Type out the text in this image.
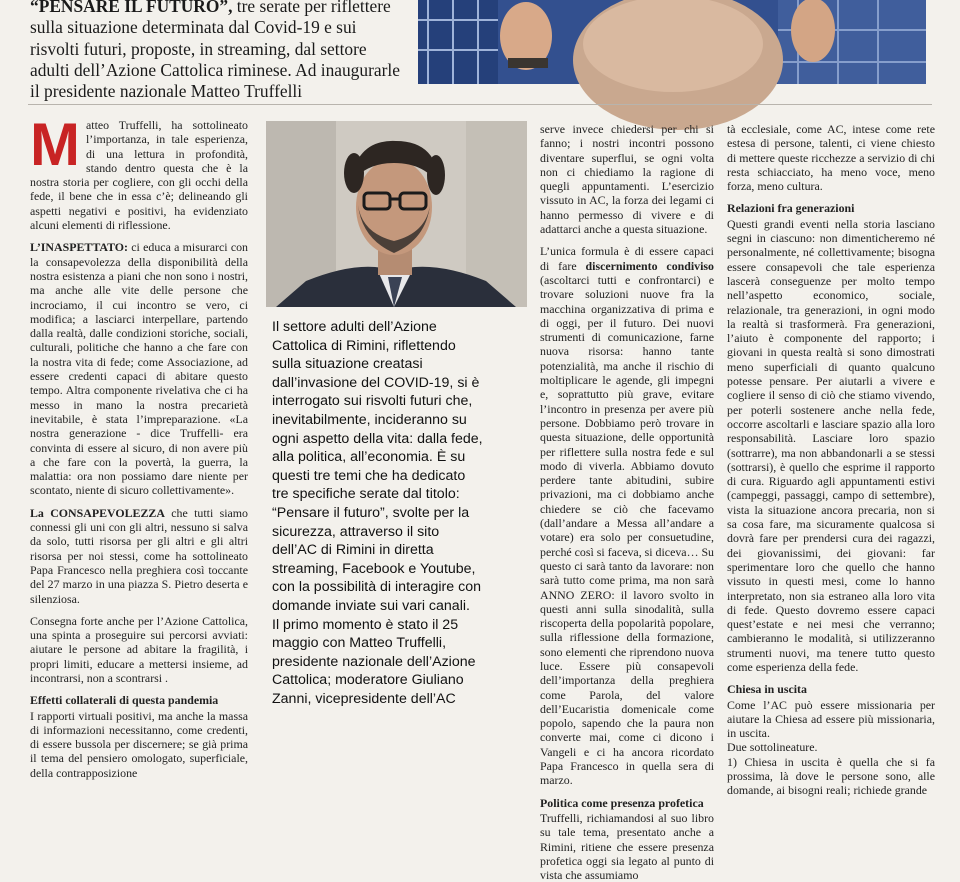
“PENSARE IL FUTURO”, tre serate per riflettere sulla situazione determinata dal Covid-19 e sui risvolti futuri, proposte, in streaming, dal settore adulti dell’Azione Cattolica riminese. Ad inaugurarle il presidente nazionale Matteo Truffelli

Matteo Truffelli, ha sottolineato l’importanza, in tale esperienza, di una lettura in profondità, stando dentro questa che è la nostra storia per cogliere, con gli occhi della fede, il bene che in essa c’è; delineando gli aspetti negativi e positivi, ha evidenziato alcuni elementi di riflessione.

L’INASPETTATO: ci educa a misurarci con la consapevolezza della disponibilità della nostra esistenza a piani che non sono i nostri, ma anche alle vite delle persone che incrociamo, il cui incontro se vero, ci modifica; a lasciarci interpellare, partendo dalla realtà, dalle condizioni storiche, sociali, culturali, politiche che hanno a che fare con la nostra vita di fede; come Associazione, ad essere credenti capaci di abitare questo tempo. Altra componente rivelativa che ci ha messo in mano la nostra precarietà inevitabile, è stata l’impreparazione. «La nostra generazione - dice Truffelli- era convinta di essere al sicuro, di non avere più a che fare con la povertà, la guerra, la malattia: ora non possiamo dare niente per scontato, niente di sicuro collettivamente».

La CONSAPEVOLEZZA che tutti siamo connessi gli uni con gli altri, nessuno si salva da solo, tutti risorsa per gli altri e gli altri risorsa per noi stessi, come ha sottolineato Papa Francesco nella preghiera così toccante del 27 marzo in una piazza S. Pietro deserta e silenziosa.

Consegna forte anche per l’Azione Cattolica, una spinta a proseguire sui percorsi avviati: aiutare le persone ad abitare la fragilità, i propri limiti, educare a mettersi insieme, ad incontrarsi, non a scontrarsi .

Effetti collaterali di questa pandemia

I rapporti virtuali positivi, ma anche la massa di informazioni necessitanno, come credenti, di essere bussola per discernere; se già prima il tema del pensiero omologato, superficiale, della contrapposizione

Il settore adulti dell’Azione Cattolica di Rimini, riflettendo sulla situazione creatasi dall’invasione del COVID-19, si è interrogato sui risvolti futuri che, inevitabilmente, incideranno su ogni aspetto della vita: dalla fede, alla politica, all’economia. È su questi tre temi che ha dedicato tre specifiche serate dal titolo: “Pensare il futuro”, svolte per la sicurezza, attraverso il sito dell’AC di Rimini in diretta streaming, Facebook e Youtube, con la possibilità di interagire con domande inviate sui vari canali.

Il primo momento è stato il 25 maggio con Matteo Truffelli, presidente nazionale dell’Azione Cattolica; moderatore Giuliano Zanni, vicepresidente dell’AC

serve invece chiedersi per chi si fanno; i nostri incontri possono diventare superflui, se ogni volta non ci chiediamo la ragione di quegli appuntamenti. L’esercizio vissuto in AC, la forza dei legami ci hanno permesso di vivere e di adattarci anche a questa situazione.

L’unica formula è di essere capaci di fare discernimento condiviso (ascoltarci tutti e confrontarci) e trovare soluzioni nuove fra la macchina organizzativa di prima e di oggi, per il futuro. Dei nuovi strumenti di comunicazione, farne nuova risorsa: hanno tante potenzialità, ma anche il rischio di moltiplicare le agende, gli impegni e, soprattutto più grave, evitare l’incontro in presenza per avere più persone. Dobbiamo però trovare in questa situazione, delle opportunità per riflettere sulla nostra fede e sul modo di viverla. Abbiamo dovuto perdere tante abitudini, subire privazioni, ma ci dobbiamo anche chiedere se ciò che facevamo (dall’andare a Messa all’andare a votare) era solo per consuetudine, perché così si faceva, si diceva… Su questo ci sarà tanto da lavorare: non sarà tutto come prima, ma non sarà ANNO ZERO: il lavoro svolto in questi anni sulla sinodalità, sulla riscoperta della popolarità popolare, sulla riflessione della formazione, sono elementi che riprendono nuova luce. Essere più consapevoli dell’importanza della preghiera come Parola, del valore dell’Eucaristia domenicale come popolo, sapendo che la paura non converte mai, come ci dicono i Vangeli e ci ha ancora ricordato Papa Francesco in quella sera di marzo.

Politica come presenza profetica

Truffelli, richiamandosi al suo libro su tale tema, presentato anche a Rimini, ritiene che essere presenza profetica oggi sia legato al punto di vista che assumiamo

tà ecclesiale, come AC, intese come rete estesa di persone, talenti, ci viene chiesto di mettere queste ricchezze a servizio di chi resta schiacciato, ha meno voce, meno forza, meno cultura.

Relazioni fra generazioni

Questi grandi eventi nella storia lasciano segni in ciascuno: non dimenticheremo né personalmente, né collettivamente; bisogna essere consapevoli che tale esperienza lascerà conseguenze per molto tempo nell’aspetto economico, sociale, relazionale, tra generazioni, in ogni modo la realtà si trasformerà. Fra generazioni, l’aiuto è componente del rapporto; i giovani in questa realtà si sono dimostrati meno superficiali di quanto qualcuno potesse pensare. Per aiutarli a vivere e cogliere il senso di ciò che stiamo vivendo, per poterli sostenere anche nella fede, occorre ascoltarli e lasciare spazio alla loro responsabilità. Lasciare loro spazio (sottrarre), ma non abbandonarli a se stessi (sottrarsi), è quello che esprime il rapporto di cura. Riguardo agli appuntamenti estivi (campeggi, passaggi, campo di settembre), vista la situazione ancora precaria, non si sa cosa fare, ma sicuramente qualcosa si dovrà fare per prendersi cura dei ragazzi, dei giovanissimi, dei giovani: far sperimentare loro che quello che hanno vissuto in questi mesi, come lo hanno interpretato, non sia estraneo alla loro vita di fede. Questo dovremo essere capaci quest’estate e nei mesi che verranno; cambieranno le modalità, si utilizzeranno strumenti nuovi, ma tenere tutto questo come esperienza della fede.

Chiesa in uscita

Come l’AC può essere missionaria per aiutare la Chiesa ad essere più missionaria, in uscita.

Due sottolineature.

1) Chiesa in uscita è quella che si fa prossima, là dove le persone sono, alle domande, ai bisogni reali; richiede grande
